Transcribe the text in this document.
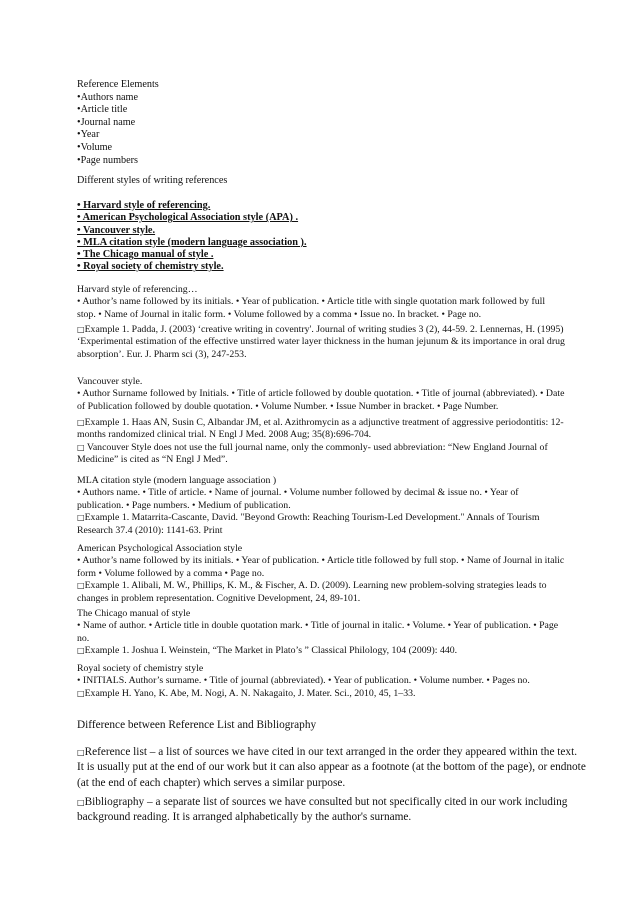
Reference Elements
•Authors name
•Article title
•Journal name
•Year
•Volume
•Page numbers
Different styles of writing references
• Harvard style of referencing.
• American Psychological Association style (APA) .
• Vancouver style.
• MLA citation style (modern language association ).
• The Chicago manual of style .
• Royal society of chemistry style.
Harvard style of referencing…
• Author’s name followed by its initials. • Year of publication. • Article title with single quotation mark followed by full
stop. • Name of Journal in italic form. • Volume followed by a comma • Issue no. In bracket. • Page no.
□Example 1. Padda, J. (2003) ‘creative writing in coventry'. Journal of writing studies 3 (2), 44-59. 2. Lennernas, H. (1995)
‘Experimental estimation of the effective unstirred water layer thickness in the human jejunum & its importance in oral drug
absorption’. Eur. J. Pharm sci (3), 247-253.
Vancouver style.
• Author Surname followed by Initials. • Title of article followed by double quotation. • Title of journal (abbreviated). • Date
of Publication followed by double quotation. • Volume Number. • Issue Number in bracket. • Page Number.
□Example 1. Haas AN, Susin C, Albandar JM, et al. Azithromycin as a adjunctive treatment of aggressive periodontitis: 12-
months randomized clinical trial. N Engl J Med. 2008 Aug; 35(8):696-704.
□ Vancouver Style does not use the full journal name, only the commonly- used abbreviation: “New England Journal of
Medicine” is cited as “N Engl J Med”.
MLA citation style (modern language association )
• Authors name. • Title of article. • Name of journal. • Volume number followed by decimal & issue no. • Year of
publication. • Page numbers. • Medium of publication.
□Example 1. Matarrita-Cascante, David. "Beyond Growth: Reaching Tourism-Led Development." Annals of Tourism
Research 37.4 (2010): 1141-63. Print
American Psychological Association style
• Author’s name followed by its initials. • Year of publication. • Article title followed by full stop. • Name of Journal in italic
form • Volume followed by a comma • Page no.
□Example 1. Alibali, M. W., Phillips, K. M., & Fischer, A. D. (2009). Learning new problem-solving strategies leads to
changes in problem representation. Cognitive Development, 24, 89-101.
The Chicago manual of style
• Name of author. • Article title in double quotation mark. • Title of journal in italic. • Volume. • Year of publication. • Page
no.
□Example 1. Joshua I. Weinstein, “The Market in Plato’s ” Classical Philology, 104 (2009): 440.
Royal society of chemistry style
• INITIALS. Author’s surname. • Title of journal (abbreviated). • Year of publication. • Volume number. • Pages no.
□Example H. Yano, K. Abe, M. Nogi, A. N. Nakagaito, J. Mater. Sci., 2010, 45, 1–33.
Difference between Reference List and Bibliography
□Reference list – a list of sources we have cited in our text arranged in the order they appeared within the text.
It is usually put at the end of our work but it can also appear as a footnote (at the bottom of the page), or endnote
(at the end of each chapter) which serves a similar purpose.
□Bibliography – a separate list of sources we have consulted but not specifically cited in our work including
background reading. It is arranged alphabetically by the author's surname.
